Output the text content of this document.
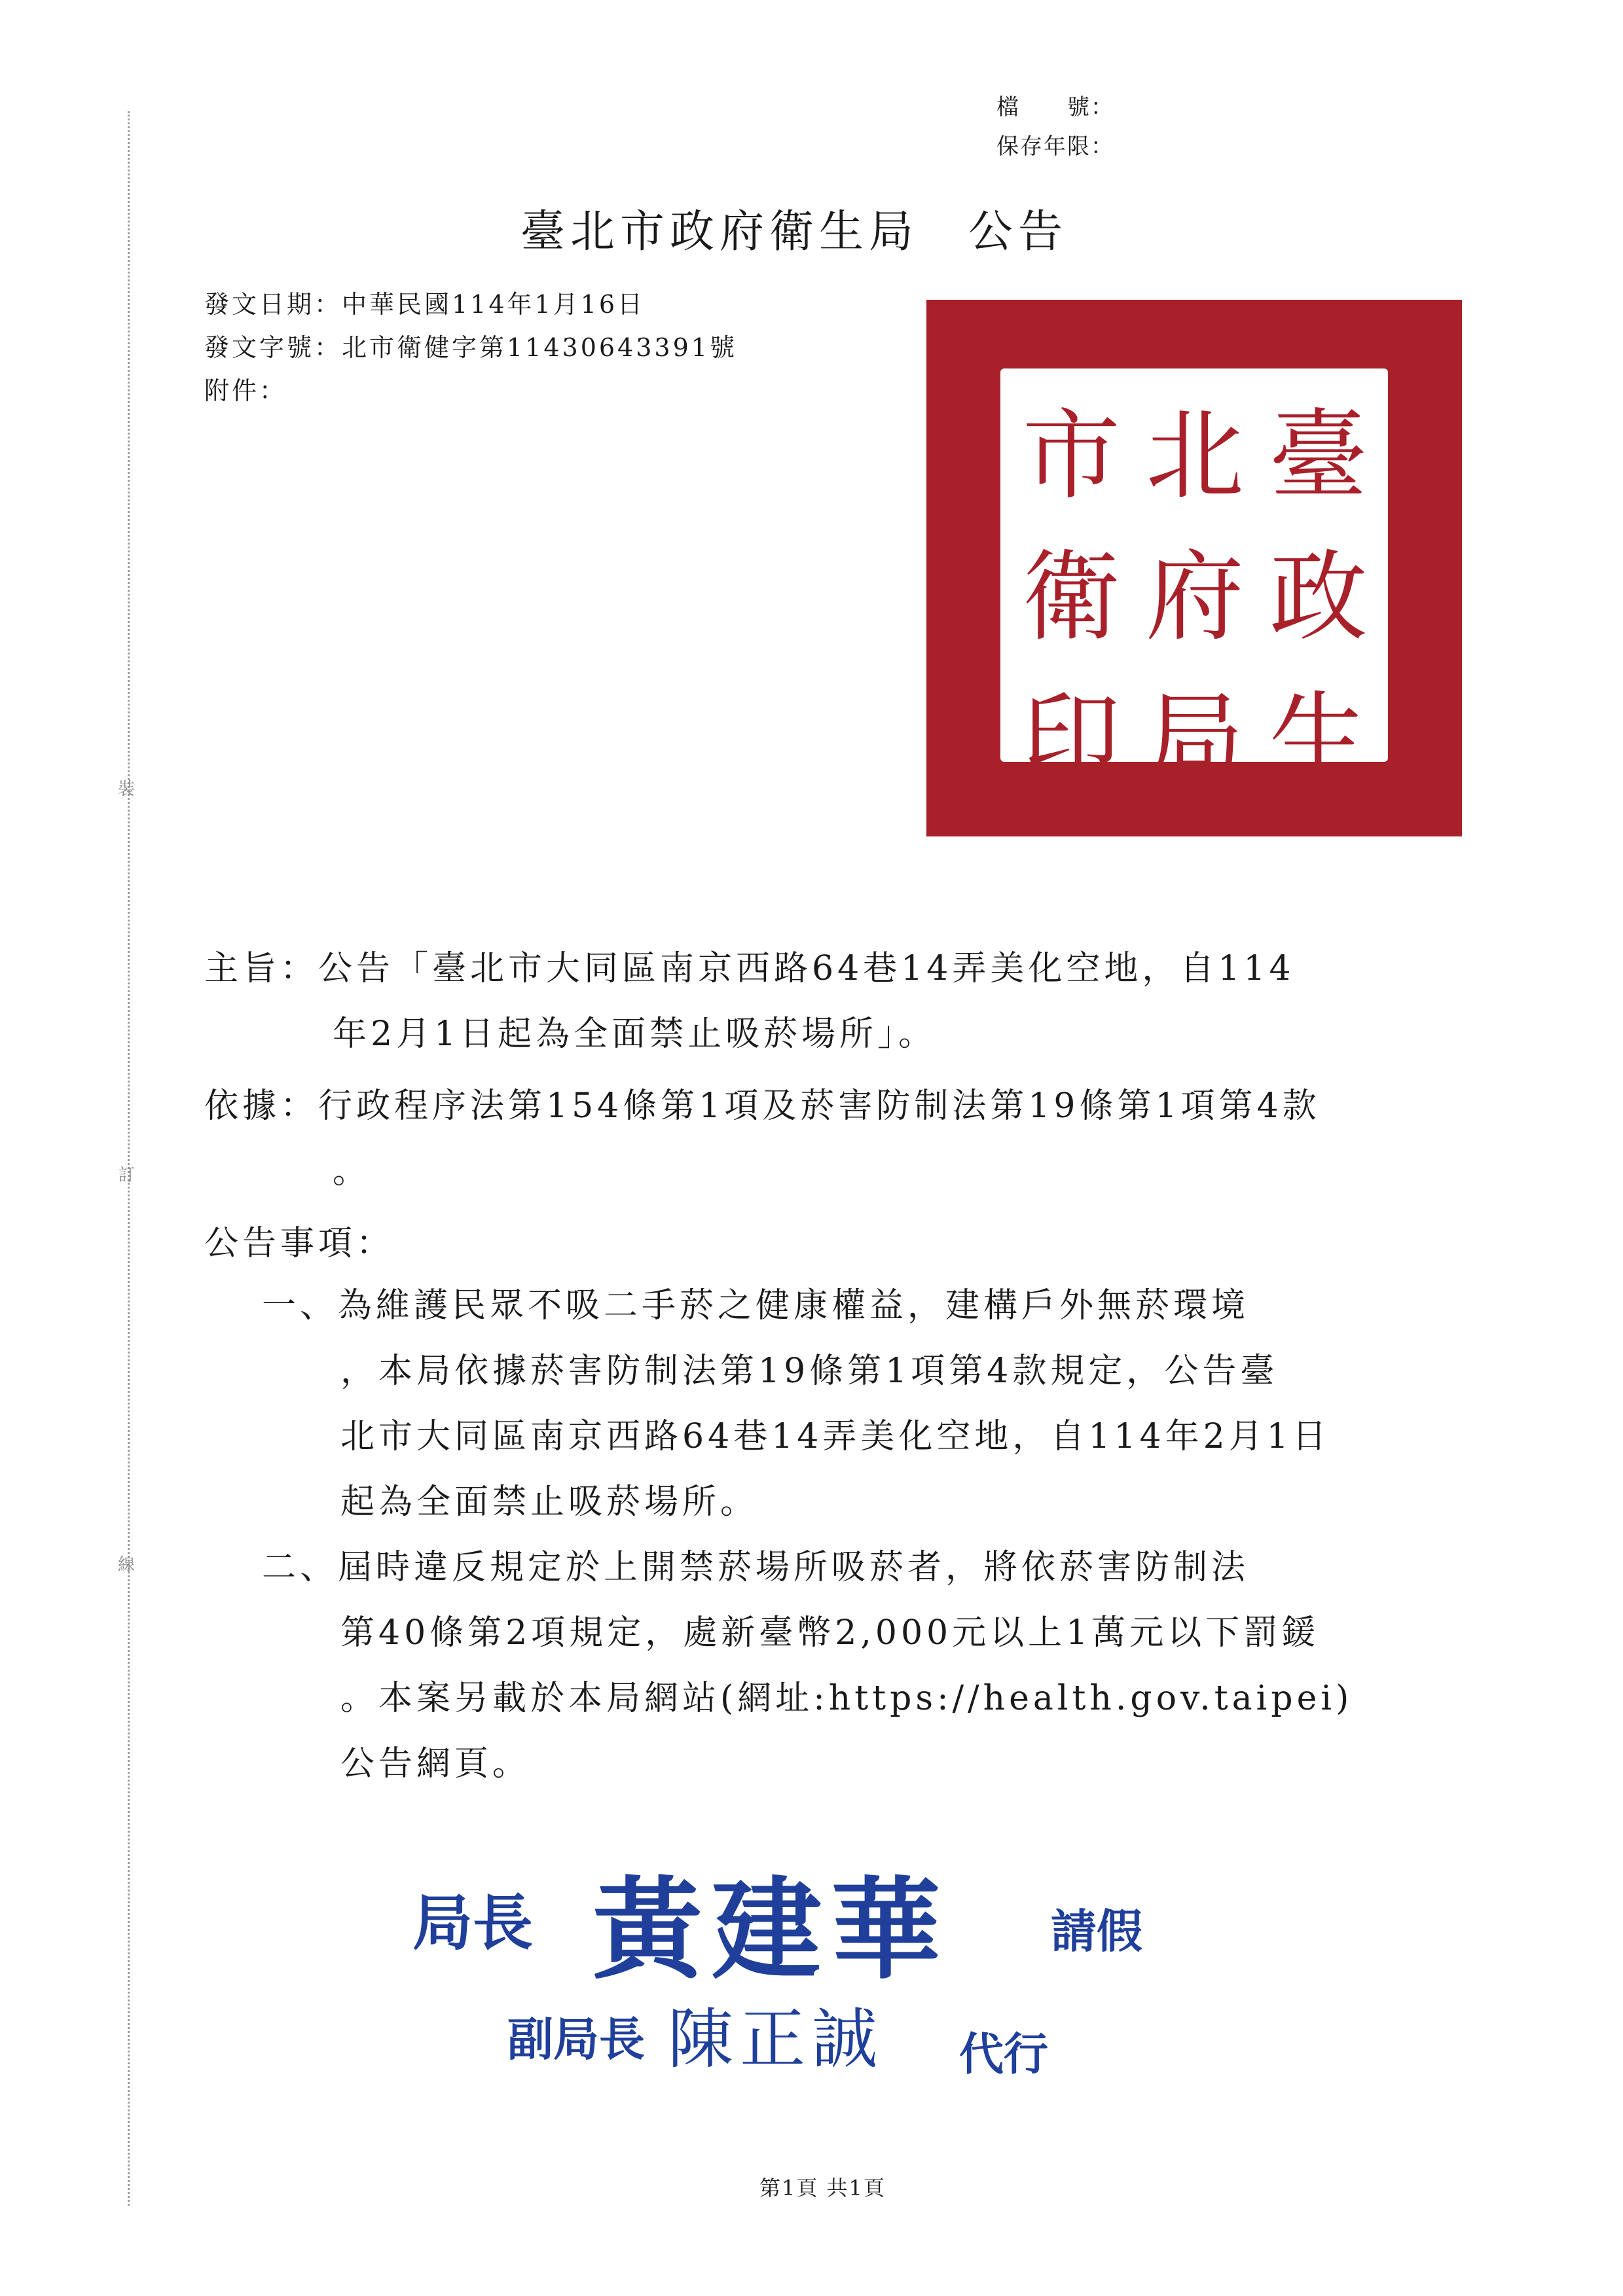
裝
訂
線
檔　　號：
保存年限：
臺北市政府衛生局　公告
發文日期：中華民國114年1月16日
發文字號：北市衛健字第11430643391號
附件：
市 北 臺
衛 府 政
印 局 生
主旨：公告「臺北市大同區南京西路64巷14弄美化空地，自114
年2月1日起為全面禁止吸菸場所」。
依據：行政程序法第154條第1項及菸害防制法第19條第1項第4款
。
公告事項：
一、為維護民眾不吸二手菸之健康權益，建構戶外無菸環境
，本局依據菸害防制法第19條第1項第4款規定，公告臺
北市大同區南京西路64巷14弄美化空地，自114年2月1日
起為全面禁止吸菸場所。
二、屆時違反規定於上開禁菸場所吸菸者，將依菸害防制法
第40條第2項規定，處新臺幣2,000元以上1萬元以下罰鍰
。本案另載於本局網站(網址:https://health.gov.taipei)
公告網頁。
局長 黃建華 請假
副局長 陳正誠 代行
第1頁 共1頁
